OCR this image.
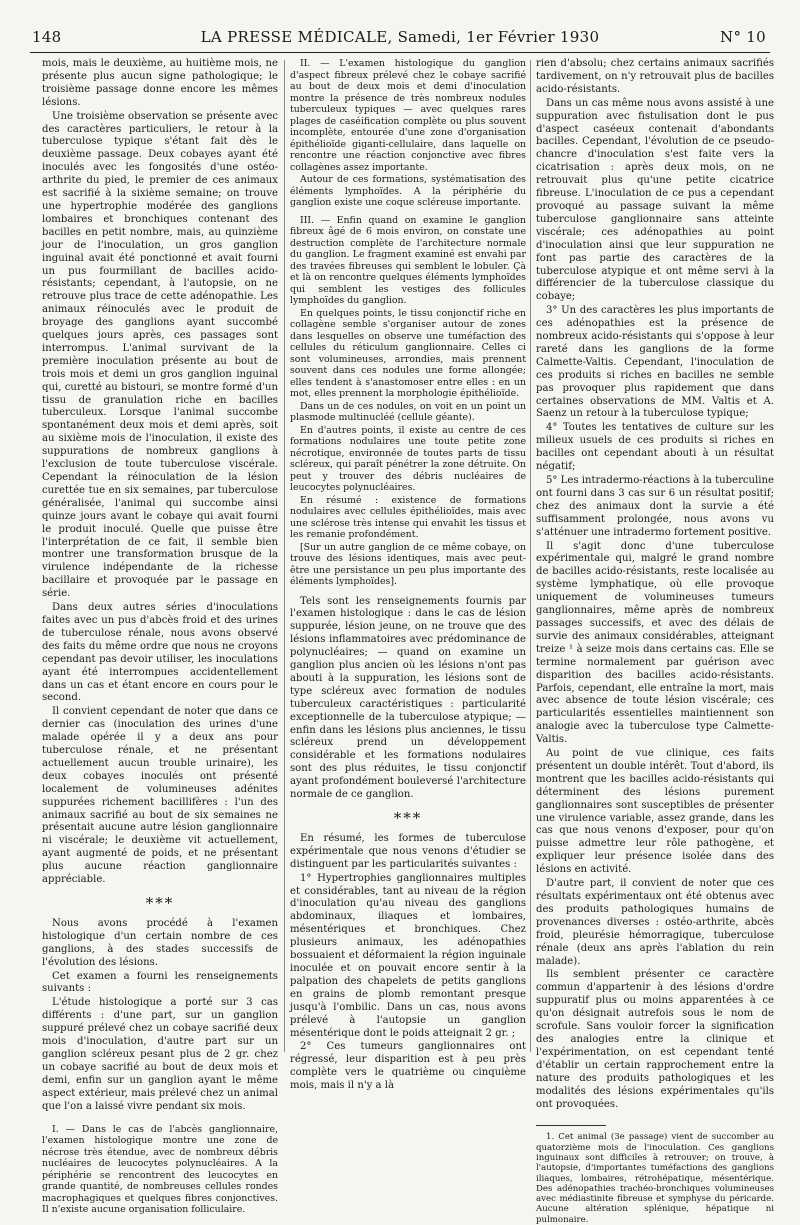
148	LA PRESSE MÉDICALE, Samedi, 1er Février 1930	N° 10

mois, mais le deuxième, au huitième mois, ne présente plus aucun signe pathologique; le troisième passage donne encore les mêmes lésions.

Une troisième observation se présente avec des caractères particuliers, le retour à la tuberculose typique s'étant fait dès le deuxième passage. Deux cobayes ayant été inoculés avec les fongosités d'une ostéo-arthrite du pied, le premier de ces animaux est sacrifié à la sixième semaine; on trouve une hypertrophie modérée des ganglions lombaires et bronchiques contenant des bacilles en petit nombre, mais, au quinzième jour de l'inoculation, un gros ganglion inguinal avait été ponctionné et avait fourni un pus fourmillant de bacilles acido-résistants; cependant, à l'autopsie, on ne retrouve plus trace de cette adénopathie. Les animaux réinoculés avec le produit de broyage des ganglions ayant succombé quelques jours après, ces passages sont interrompus. L'animal survivant de la première inoculation présente au bout de trois mois et demi un gros ganglion inguinal qui, curetté au bistouri, se montre formé d'un tissu de granulation riche en bacilles tuberculeux. Lorsque l'animal succombe spontanément deux mois et demi après, soit au sixième mois de l'inoculation, il existe des suppurations de nombreux ganglions à l'exclusion de toute tuberculose viscérale. Cependant la réinoculation de la lésion curettée tue en six semaines, par tuberculose généralisée, l'animal qui succombe ainsi quinze jours avant le cobaye qui avait fourni le produit inoculé. Quelle que puisse être l'interprétation de ce fait, il semble bien montrer une transformation brusque de la virulence indépendante de la richesse bacillaire et provoquée par le passage en série.

Dans deux autres séries d'inoculations faites avec un pus d'abcès froid et des urines de tuberculose rénale, nous avons observé des faits du même ordre que nous ne croyons cependant pas devoir utiliser, les inoculations ayant été interrompues accidentellement dans un cas et étant encore en cours pour le second.

Il convient cependant de noter que dans ce dernier cas (inoculation des urines d'une malade opérée il y a deux ans pour tuberculose rénale, et ne présentant actuellement aucun trouble urinaire), les deux cobayes inoculés ont présenté localement de volumineuses adénites suppurées richement bacillifères : l'un des animaux sacrifié au bout de six semaines ne présentait aucune autre lésion ganglionnaire ni viscérale; le deuxième vit actuellement, ayant augmenté de poids, et ne présentant plus aucune réaction ganglionnaire appréciable.

***

Nous avons procédé à l'examen histologique d'un certain nombre de ces ganglions, à des stades successifs de l'évolution des lésions.

Cet examen a fourni les renseignements suivants :

L'étude histologique a porté sur 3 cas différents : d'une part, sur un ganglion suppuré prélevé chez un cobaye sacrifié deux mois d'inoculation, d'autre part sur un ganglion scléreux pesant plus de 2 gr. chez un cobaye sacrifié au bout de deux mois et demi, enfin sur un ganglion ayant le même aspect extérieur, mais prélevé chez un animal que l'on a laissé vivre pendant six mois.

I. — Dans le cas de l'abcès ganglionnaire, l'examen histologique montre une zone de nécrose très étendue, avec de nombreux débris nucléaires de leucocytes polynucléaires. A la périphérie se rencontrent des leucocytes en grande quantité, de nombreuses cellules rondes macrophagiques et quelques fibres conjonctives. Il n'existe aucune organisation folliculaire.

II. — L'examen histologique du ganglion d'aspect fibreux prélevé chez le cobaye sacrifié au bout de deux mois et demi d'inoculation montre la présence de très nombreux nodules tuberculeux typiques — avec quelques rares plages de caséification complète ou plus souvent incomplète, entourée d'une zone d'organisation épithélioïde giganti-cellulaire, dans laquelle on rencontre une réaction conjonctive avec fibres collagènes assez importante.

Autour de ces formations, systématisation des éléments lymphoïdes. A la périphérie du ganglion existe une coque scléreuse importante.

III. — Enfin quand on examine le ganglion fibreux âgé de 6 mois environ, on constate une destruction complète de l'architecture normale du ganglion. Le fragment examiné est envahi par des travées fibreuses qui semblent le lobuler. Çà et là on rencontre quelques éléments lymphoïdes qui semblent les vestiges des follicules lymphoïdes du ganglion.

En quelques points, le tissu conjonctif riche en collagène semble s'organiser autour de zones dans lesquelles on observe une tuméfaction des cellules du réticulum ganglionnaire. Celles ci sont volumineuses, arrondies, mais prennent souvent dans ces nodules une forme allongée; elles tendent à s'anastomoser entre elles : en un mot, elles prennent la morphologie épithélioïde.

Dans un de ces nodules, on voit en un point un plasmode multinucléé (cellule géante).

En d'autres points, il existe au centre de ces formations nodulaires une toute petite zone nécrotique, environnée de toutes parts de tissu scléreux, qui paraît pénétrer la zone détruite. On peut y trouver des débris nucléaires de leucocytes polynucléaires.

En résumé : existence de formations nodulaires avec cellules épithélioïdes, mais avec une sclérose très intense qui envahit les tissus et les remanie profondément.

[Sur un autre ganglion de ce même cobaye, on trouve des lésions identiques, mais avec peut-être une persistance un peu plus importante des éléments lymphoïdes].

Tels sont les renseignements fournis par l'examen histologique : dans le cas de lésion suppurée, lésion jeune, on ne trouve que des lésions inflammatoires avec prédominance de polynucléaires; — quand on examine un ganglion plus ancien où les lésions n'ont pas abouti à la suppuration, les lésions sont de type scléreux avec formation de nodules tuberculeux caractéristiques : particularité exceptionnelle de la tuberculose atypique; — enfin dans les lésions plus anciennes, le tissu scléreux prend un développement considérable et les formations nodulaires sont des plus réduites, le tissu conjonctif ayant profondément bouleversé l'architecture normale de ce ganglion.

***

En résumé, les formes de tuberculose expérimentale que nous venons d'étudier se distinguent par les particularités suivantes :

1° Hypertrophies ganglionnaires multiples et considérables, tant au niveau de la région d'inoculation qu'au niveau des ganglions abdominaux, iliaques et lombaires, mésentériques et bronchiques. Chez plusieurs animaux, les adénopathies bossuaient et déformaient la région inguinale inoculée et on pouvait encore sentir à la palpation des chapelets de petits ganglions en grains de plomb remontant presque jusqu'à l'ombilic. Dans un cas, nous avons prélevé à l'autopsie un ganglion mésentérique dont le poids atteignait 2 gr. ;

2° Ces tumeurs ganglionnaires ont régressé, leur disparition est à peu près complète vers le quatrième ou cinquième mois, mais il n'y a là

rien d'absolu; chez certains animaux sacrifiés tardivement, on n'y retrouvait plus de bacilles acido-résistants.

Dans un cas même nous avons assisté à une suppuration avec fistulisation dont le pus d'aspect caséeux contenait d'abondants bacilles. Cependant, l'évolution de ce pseudo-chancre d'inoculation s'est faite vers la cicatrisation : après deux mois, on ne retrouvait plus qu'une petite cicatrice fibreuse. L'inoculation de ce pus a cependant provoqué au passage suivant la même tuberculose ganglionnaire sans atteinte viscérale; ces adénopathies au point d'inoculation ainsi que leur suppuration ne font pas partie des caractères de la tuberculose atypique et ont même servi à la différencier de la tuberculose classique du cobaye;

3° Un des caractères les plus importants de ces adénopathies est la présence de nombreux acido-résistants qui s'oppose à leur rareté dans les ganglions de la forme Calmette-Valtis. Cependant, l'inoculation de ces produits si riches en bacilles ne semble pas provoquer plus rapidement que dans certaines observations de MM. Valtis et A. Saenz un retour à la tuberculose typique;

4° Toutes les tentatives de culture sur les milieux usuels de ces produits si riches en bacilles ont cependant abouti à un résultat négatif;

5° Les intradermo-réactions à la tuberculine ont fourni dans 3 cas sur 6 un résultat positif; chez des animaux dont la survie a été suffisamment prolongée, nous avons vu s'atténuer une intradermo fortement positive.

Il s'agit donc d'une tuberculose expérimentale qui, malgré le grand nombre de bacilles acido-résistants, reste localisée au système lymphatique, où elle provoque uniquement de volumineuses tumeurs ganglionnaires, même après de nombreux passages successifs, et avec des délais de survie des animaux considérables, atteignant treize ¹ à seize mois dans certains cas. Elle se termine normalement par guérison avec disparition des bacilles acido-résistants. Parfois, cependant, elle entraîne la mort, mais avec absence de toute lésion viscérale; ces particularités essentielles maintiennent son analogie avec la tuberculose type Calmette-Valtis.

Au point de vue clinique, ces faits présentent un double intérêt. Tout d'abord, ils montrent que les bacilles acido-résistants qui déterminent des lésions purement ganglionnaires sont susceptibles de présenter une virulence variable, assez grande, dans les cas que nous venons d'exposer, pour qu'on puisse admettre leur rôle pathogène, et expliquer leur présence isolée dans des lésions en activité.

D'autre part, il convient de noter que ces résultats expérimentaux ont été obtenus avec des produits pathologiques humains de provenances diverses : ostéo-arthrite, abcès froid, pleurésie hémorragique, tuberculose rénale (deux ans après l'ablation du rein malade).

Ils semblent présenter ce caractère commun d'appartenir à des lésions d'ordre suppuratif plus ou moins apparentées à ce qu'on désignait autrefois sous le nom de scrofule. Sans vouloir forcer la signification des analogies entre la clinique et l'expérimentation, on est cependant tenté d'établir un certain rapprochement entre la nature des produits pathologiques et les modalités des lésions expérimentales qu'ils ont provoquées.

1. Cet animal (3e passage) vient de succomber au quatorzième mois de l'inoculation. Ces ganglions inguinaux sont difficiles à retrouver; on trouve, à l'autopsie, d'importantes tuméfactions des ganglions iliaques, lombaires, rétrohépatique, mésentérique. Des adénopathies trachéo-bronchiques volumineuses avec médiastinite fibreuse et symphyse du péricarde. Aucune altération splénique, hépatique ni pulmonaire.
